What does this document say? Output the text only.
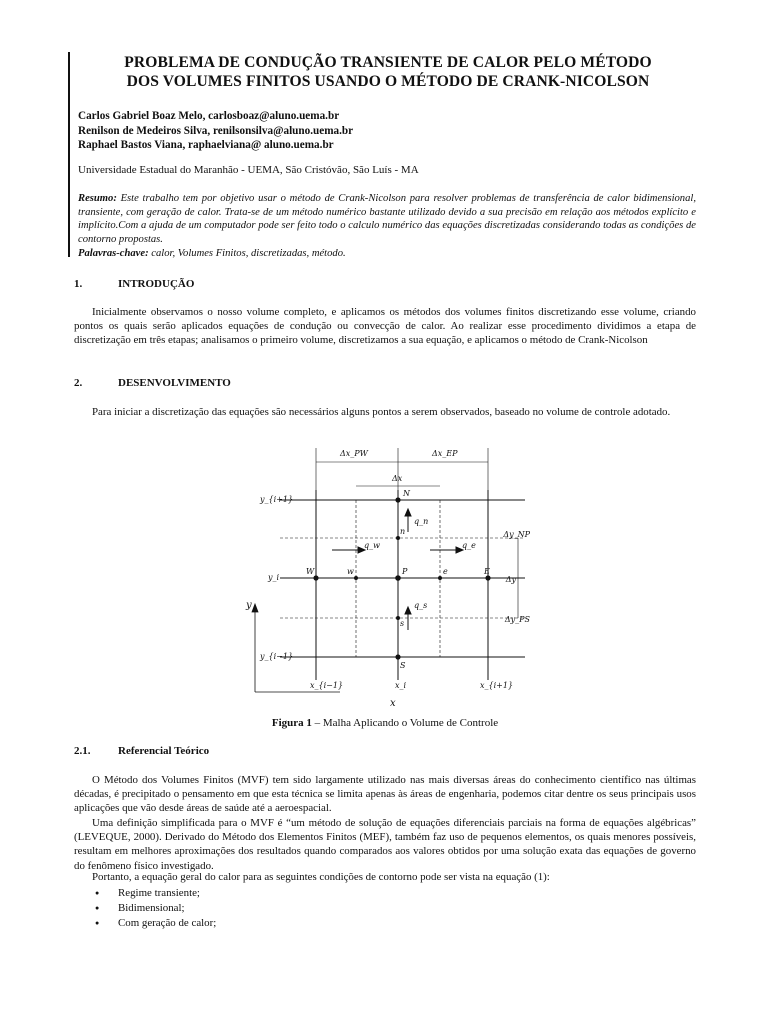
PROBLEMA DE CONDUÇÃO TRANSIENTE DE CALOR PELO MÉTODO
DOS VOLUMES FINITOS USANDO O MÉTODO DE CRANK-NICOLSON
Carlos Gabriel Boaz Melo, carlosboaz@aluno.uema.br
Renilson de Medeiros Silva, renilsonsilva@aluno.uema.br
Raphael Bastos Viana, raphaelviana@ aluno.uema.br
Universidade Estadual do Maranhão - UEMA, São Cristóvão, São Luís - MA
Resumo: Este trabalho tem por objetivo usar o método de Crank-Nicolson para resolver problemas de transferência de calor bidimensional, transiente, com geração de calor. Trata-se de um método numérico bastante utilizado devido a sua precisão em relação aos métodos explícito e implícito.Com a ajuda de um computador pode ser feito todo o calculo numérico das equações discretizadas considerando todas as condições de contorno propostas.
Palavras-chave: calor, Volumes Finitos, discretizadas, método.
1.	INTRODUÇÃO
Inicialmente observamos o nosso volume completo, e aplicamos os métodos dos volumes finitos discretizando esse volume, criando pontos os quais serão aplicados equações de condução ou convecção de calor. Ao realizar esse procedimento dividimos a etapa de discretização em três etapas; analisamos o primeiro volume, discretizamos a sua equação, e aplicamos o método de Crank-Nicolson
2.	DESENVOLVIMENTO
Para iniciar a discretização das equações são necessários alguns pontos a serem observados, baseado no volume de controle adotado.
Δx_PW	Δx_EP
Δx
Δy_NP
Δy
Δy_PS
N
n
W	w	P	e	E
s
S
q_n
q_w	q_e
q_s
y_{i+1}
y_i
y_{i−1}
y
x
x_{i−1}	x_i	x_{i+1}
Figura 1 – Malha Aplicando o Volume de Controle
2.1.	Referencial Teórico
O Método dos Volumes Finitos (MVF) tem sido largamente utilizado nas mais diversas áreas do conhecimento científico nas últimas décadas, é precipitado o pensamento em que esta técnica se limita apenas às áreas de engenharia, podemos citar dentre os seus principais usos aplicações que vão desde áreas de saúde até a aeroespacial.
Uma definição simplificada para o MVF é “um método de solução de equações diferenciais parciais na forma de equações algébricas” (LEVEQUE, 2000). Derivado do Método dos Elementos Finitos (MEF), também faz uso de pequenos elementos, os quais menores possíveis, resultam em melhores aproximações dos resultados quando comparados aos valores obtidos por uma solução exata das equações de governo do fenômeno físico investigado.
Portanto, a equação geral do calor para as seguintes condições de contorno pode ser vista na equação (1):
● Regime transiente;
● Bidimensional;
● Com geração de calor;
